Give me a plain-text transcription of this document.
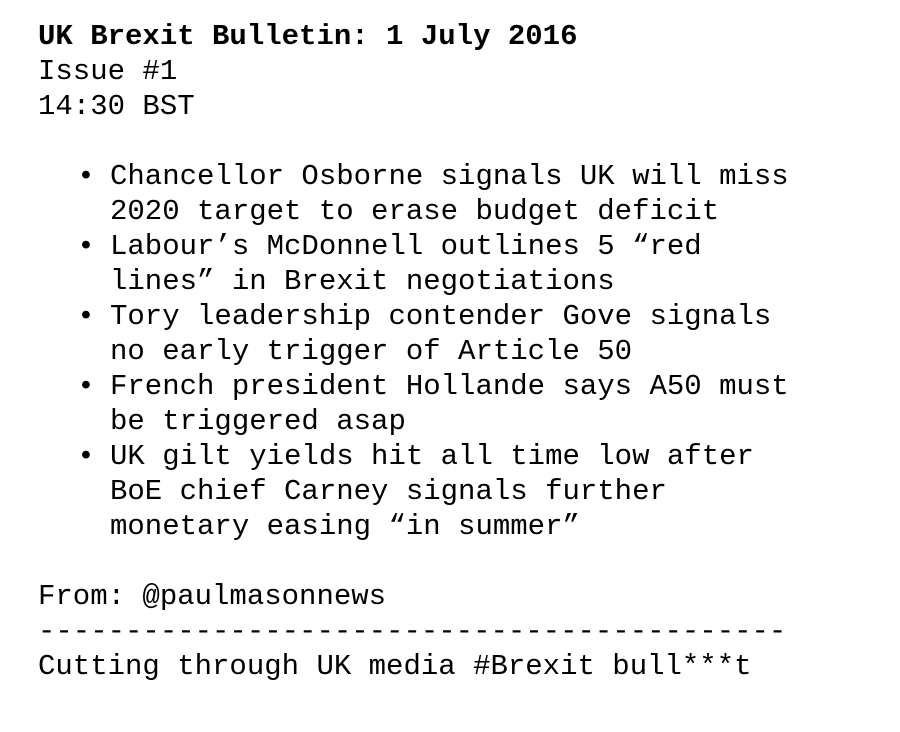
UK Brexit Bulletin: 1 July 2016
Issue #1
14:30 BST
• Chancellor Osborne signals UK will miss
2020 target to erase budget deficit
• Labour’s McDonnell outlines 5 “red
lines” in Brexit negotiations
• Tory leadership contender Gove signals
no early trigger of Article 50
• French president Hollande says A50 must
be triggered asap
• UK gilt yields hit all time low after
BoE chief Carney signals further
monetary easing “in summer”
From: @paulmasonnews
-------------------------------------------
Cutting through UK media #Brexit bull***t
